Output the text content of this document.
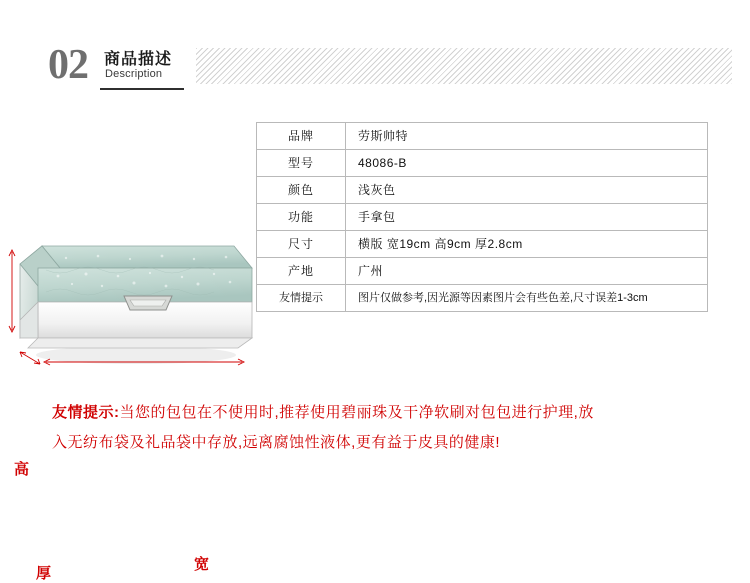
02 商品描述
Description
品牌	劳斯帅特
型号	48086-B
颜色	浅灰色
功能	手拿包
尺寸	横版 宽19cm 高9cm 厚2.8cm
产地	广州
友情提示	图片仅做参考,因光源等因素图片会有些色差,尺寸误差1-3cm
高
厚
宽
友情提示:当您的包包在不使用时,推荐使用碧丽珠及干净软刷对包包进行护理,放
入无纺布袋及礼品袋中存放,远离腐蚀性液体,更有益于皮具的健康!
